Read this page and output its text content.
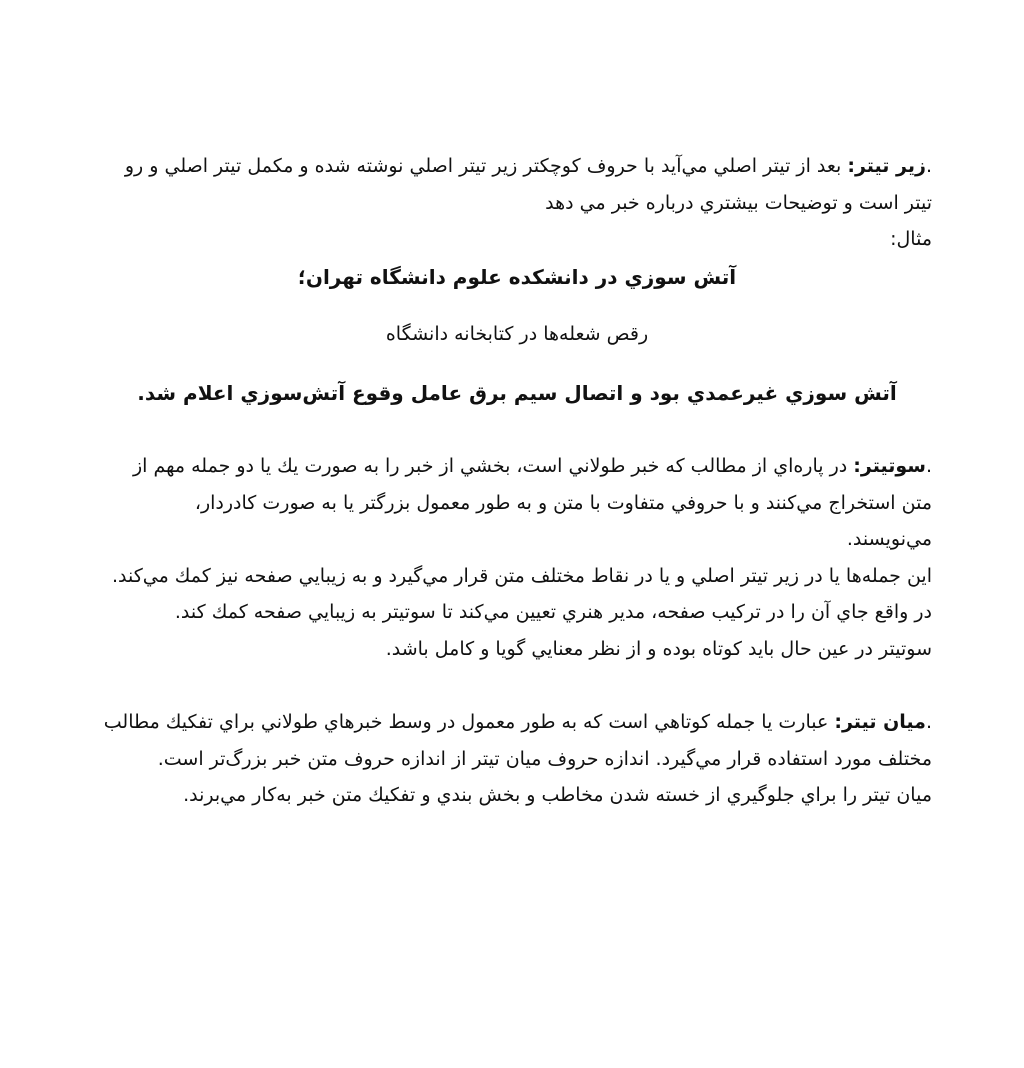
.زیر تیتر: بعد از تیتر اصلي مي‌آيد با حروف كوچكتر زير تيتر اصلي نوشته شده و مكمل تيتر اصلي و رو تيتر است و توضيحات بيشتري درباره خبر مي دهد

مثال:

آتش سوزي در دانشكده علوم دانشگاه تهران؛

رقص شعله‌ها در كتابخانه دانشگاه

آتش سوزي غيرعمدي بود و اتصال سيم برق عامل وقوع آتش‌سوزي اعلام شد.

.سوتیتر: در پاره‌اي از مطالب كه خبر طولاني است، بخشي از خبر را به صورت يك يا دو جمله مهم از متن استخراج مي‌كنند و با حروفي متفاوت با متن و به طور معمول بزرگتر يا به صورت كادردار، مي‌نويسند.

اين جمله‌ها يا در زير تيتر اصلي و يا در نقاط مختلف متن قرار مي‌گيرد و به زيبايي صفحه نيز كمك مي‌كند. در واقع جاي آن را در تركيب صفحه، مدير هنري تعيين مي‌كند تا سوتيتر به زيبايي صفحه كمك كند.

سوتيتر در عين حال بايد كوتاه بوده و از نظر معنايي گويا و كامل باشد.

.میان تیتر: عبارت يا جمله كوتاهي است كه به طور معمول در وسط خبرهاي طولاني براي تفكيك مطالب مختلف مورد استفاده قرار مي‌گيرد. اندازه حروف ميان تيتر از اندازه حروف متن خبر بزرگ‌تر است.

ميان تيتر را براي جلوگيري از خسته شدن مخاطب و بخش بندي و تفكيك متن خبر به‌كار مي‌برند.
